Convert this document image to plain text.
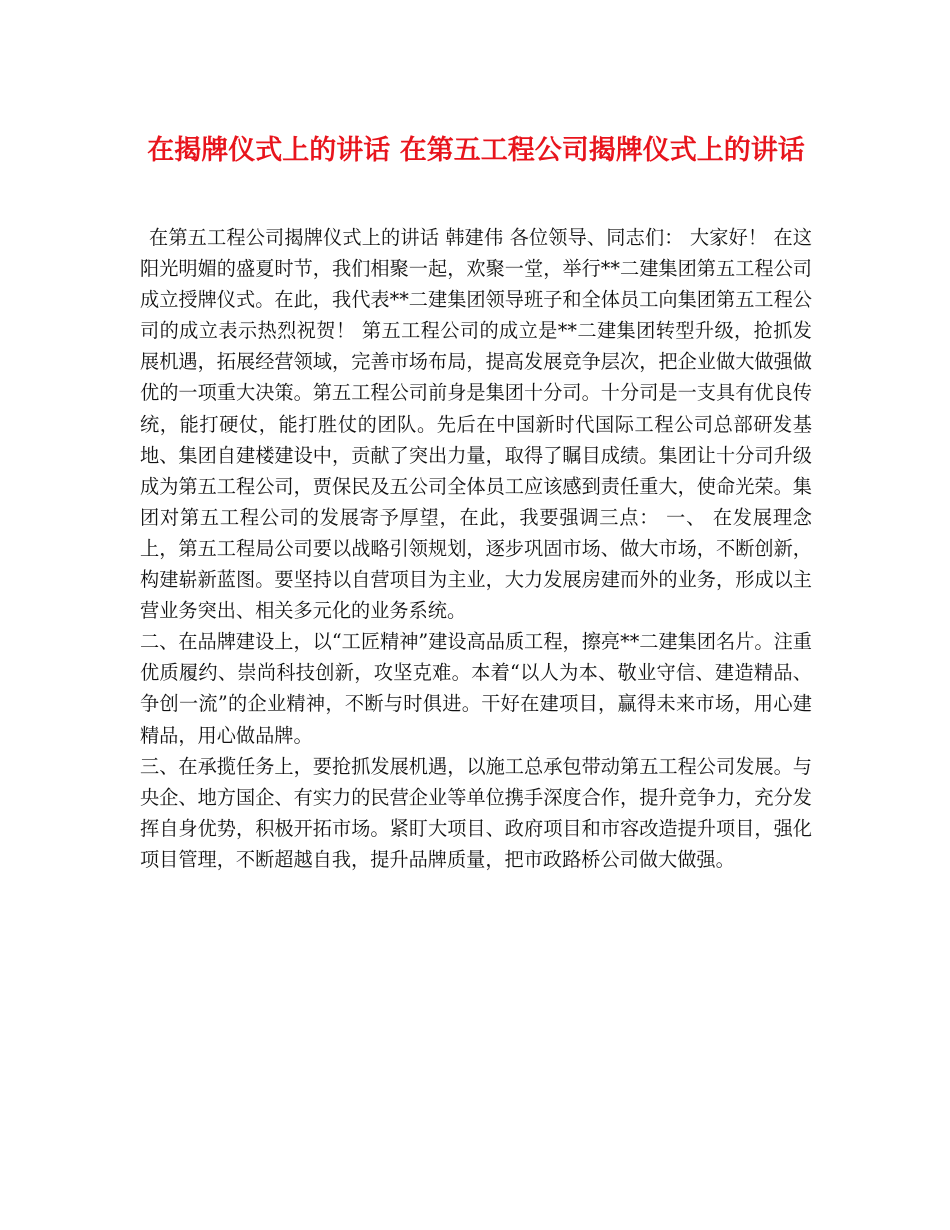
在揭牌仪式上的讲话 在第五工程公司揭牌仪式上的讲话

在第五工程公司揭牌仪式上的讲话 韩建伟 各位领导、同志们： 大家好！ 在这阳光明媚的盛夏时节，我们相聚一起，欢聚一堂，举行**二建集团第五工程公司成立授牌仪式。在此，我代表**二建集团领导班子和全体员工向集团第五工程公司的成立表示热烈祝贺！ 第五工程公司的成立是**二建集团转型升级，抢抓发展机遇，拓展经营领域，完善市场布局，提高发展竞争层次，把企业做大做强做优的一项重大决策。第五工程公司前身是集团十分司。十分司是一支具有优良传统，能打硬仗，能打胜仗的团队。先后在中国新时代国际工程公司总部研发基地、集团自建楼建设中，贡献了突出力量，取得了瞩目成绩。集团让十分司升级成为第五工程公司，贾保民及五公司全体员工应该感到责任重大，使命光荣。集团对第五工程公司的发展寄予厚望，在此，我要强调三点： 一、 在发展理念上，第五工程局公司要以战略引领规划，逐步巩固市场、做大市场，不断创新，构建崭新蓝图。要坚持以自营项目为主业，大力发展房建而外的业务，形成以主营业务突出、相关多元化的业务系统。

二、在品牌建设上，以“工匠精神”建设高品质工程，擦亮**二建集团名片。注重优质履约、崇尚科技创新，攻坚克难。本着“以人为本、敬业守信、建造精品、争创一流”的企业精神，不断与时俱进。干好在建项目，赢得未来市场，用心建精品，用心做品牌。

三、在承揽任务上，要抢抓发展机遇，以施工总承包带动第五工程公司发展。与央企、地方国企、有实力的民营企业等单位携手深度合作，提升竞争力，充分发挥自身优势，积极开拓市场。紧盯大项目、政府项目和市容改造提升项目，强化项目管理，不断超越自我，提升品牌质量，把市政路桥公司做大做强。
